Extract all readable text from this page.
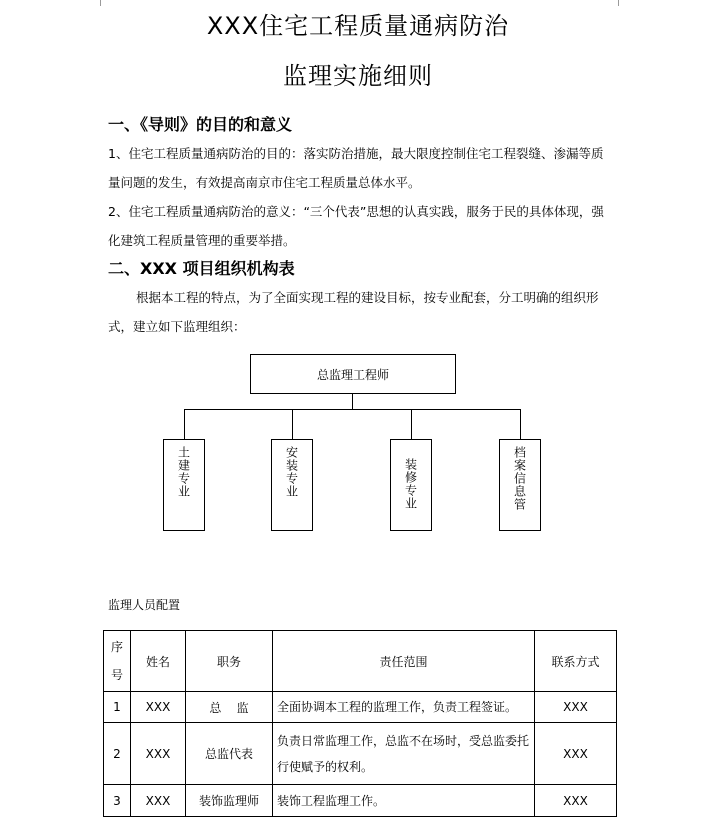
XXX住宅工程质量通病防治
监理实施细则
一、《导则》的目的和意义
1、住宅工程质量通病防治的目的：落实防治措施，最大限度控制住宅工程裂缝、渗漏等质量问题的发生，有效提高南京市住宅工程质量总体水平。
2、住宅工程质量通病防治的意义：“三个代表”思想的认真实践，服务于民的具体体现，强化建筑工程质量管理的重要举措。
二、XXX 项目组织机构表
根据本工程的特点，为了全面实现工程的建设目标，按专业配套，分工明确的组织形式，建立如下监理组织：
总监理工程师
土建专业	安装专业	装修专业	档案信息管
监理人员配置
序号	姓名	职务	责任范围	联系方式
1	XXX	总    监	全面协调本工程的监理工作，负责工程签证。	XXX
2	XXX	总监代表	负责日常监理工作，总监不在场时，受总监委托行使赋予的权利。	XXX
3	XXX	装饰监理师	装饰工程监理工作。	XXX
